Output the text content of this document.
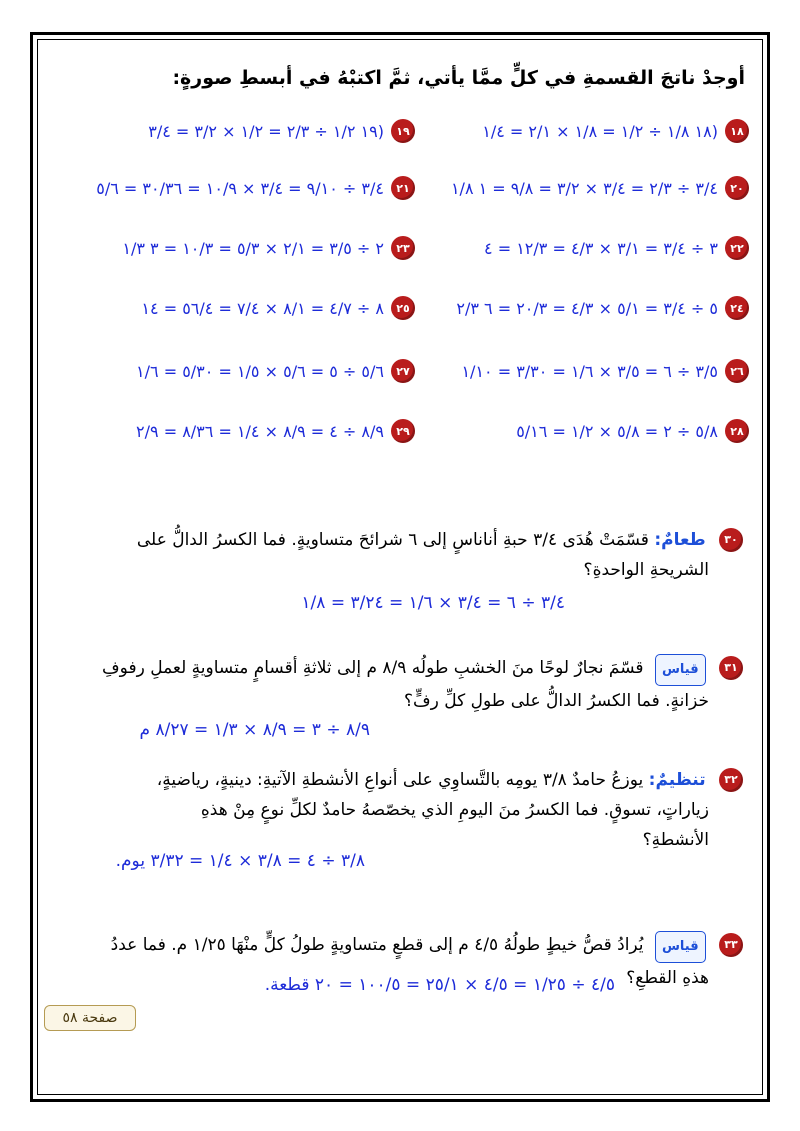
أوجدْ ناتجَ القسمةِ في كلٍّ ممَّا يأتي، ثمَّ اكتبْهُ في أبسطِ صورةٍ:
١٨
(١٨ ١/٨ ÷ ١/٢ = ١/٨ × ٢/١ = ١/٤
١٩
(١٩ ١/٢ ÷ ٢/٣ = ١/٢ × ٣/٢ = ٣/٤
٢٠
٣/٤ ÷ ٢/٣ = ٣/٤ × ٣/٢ = ٩/٨ = ١ ١/٨
٢١
٣/٤ ÷ ٩/١٠ = ٣/٤ × ١٠/٩ = ٣٠/٣٦ = ٥/٦
٢٢
٣ ÷ ٣/٤ = ٣/١ × ٤/٣ = ١٢/٣ = ٤
٢٣
٢ ÷ ٣/٥ = ٢/١ × ٥/٣ = ١٠/٣ = ٣ ١/٣
٢٤
٥ ÷ ٣/٤ = ٥/١ × ٤/٣ = ٢٠/٣ = ٦ ٢/٣
٢٥
٨ ÷ ٤/٧ = ٨/١ × ٧/٤ = ٥٦/٤ = ١٤
٢٦
٣/٥ ÷ ٦ = ٣/٥ × ١/٦ = ٣/٣٠ = ١/١٠
٢٧
٥/٦ ÷ ٥ = ٥/٦ × ١/٥ = ٥/٣٠ = ١/٦
٢٨
٥/٨ ÷ ٢ = ٥/٨ × ١/٢ = ٥/١٦
٢٩
٨/٩ ÷ ٤ = ٨/٩ × ١/٤ = ٨/٣٦ = ٢/٩
٣٠ طعامٌ: قسّمَتْ هُدَى ٣/٤ حبةِ أناناسٍ إلى ٦ شرائحَ متساويةٍ. فما الكسرُ الدالُّ على
الشريحةِ الواحدةِ؟
٣/٤ ÷ ٦ = ٣/٤ × ١/٦ = ٣/٢٤ = ١/٨
٣١ قياس قسّمَ نجارٌ لوحًا منَ الخشبِ طولُه ٨/٩ م إلى ثلاثةِ أقسامٍ متساويةٍ لعملِ رفوفِ
خزانةٍ. فما الكسرُ الدالُّ على طولِ كلِّ رفٍّ؟
٨/٩ ÷ ٣ = ٨/٩ × ١/٣ = ٨/٢٧ م
٣٢ تنظيمٌ: يوزعُ حامدٌ ٣/٨ يومِه بالتَّساوِي على أنواعِ الأنشطةِ الآتيةِ: دينيةٍ، رياضيةٍ،
زياراتٍ، تسوقٍ. فما الكسرُ منَ اليومِ الذي يخصّصهُ حامدٌ لكلِّ نوعٍ مِنْ هذهِ
الأنشطةِ؟
٣/٨ ÷ ٤ = ٣/٨ × ١/٤ = ٣/٣٢ يوم.
٣٣ قياس يُرادُ قصُّ خيطٍ طولُهُ ٤/٥ م إلى قطعٍ متساويةٍ طولُ كلٍّ منْهَا ١/٢٥ م. فما عددُ
هذهِ القطعِ؟
٤/٥ ÷ ١/٢٥ = ٤/٥ × ٢٥/١ = ١٠٠/٥ = ٢٠ قطعة.
صفحة ٥٨
